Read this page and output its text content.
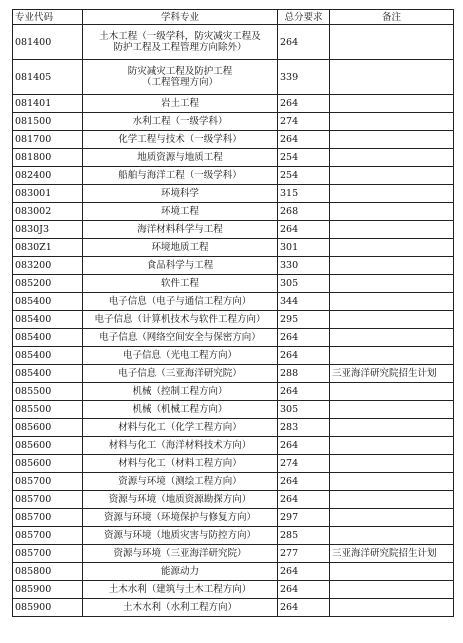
专业代码	学科专业	总分要求	备注
081400	土木工程（一级学科，防灾减灾工程及
防护工程及工程管理方向除外）	264	
081405	防灾减灾工程及防护工程
（工程管理方向）	339	
081401	岩土工程	264	
081500	水利工程（一级学科）	274	
081700	化学工程与技术（一级学科）	264	
081800	地质资源与地质工程	254	
082400	船舶与海洋工程（一级学科）	254	
083001	环境科学	315	
083002	环境工程	268	
0830J3	海洋材料科学与工程	264	
0830Z1	环境地质工程	301	
083200	食品科学与工程	330	
085200	软件工程	305	
085400	电子信息（电子与通信工程方向）	344	
085400	电子信息（计算机技术与软件工程方向）	295	
085400	电子信息（网络空间安全与保密方向）	264	
085400	电子信息（光电工程方向）	264	
085400	电子信息（三亚海洋研究院）	288	三亚海洋研究院招生计划
085500	机械（控制工程方向）	264	
085500	机械（机械工程方向）	305	
085600	材料与化工（化学工程方向）	283	
085600	材料与化工（海洋材料技术方向）	264	
085600	材料与化工（材料工程方向）	274	
085700	资源与环境（测绘工程方向）	264	
085700	资源与环境（地质资源勘探方向）	264	
085700	资源与环境（环境保护与修复方向）	297	
085700	资源与环境（地质灾害与防控方向）	285	
085700	资源与环境（三亚海洋研究院）	277	三亚海洋研究院招生计划
085800	能源动力	264	
085900	土木水利（建筑与土木工程方向）	264	
085900	土木水利（水利工程方向）	264	
